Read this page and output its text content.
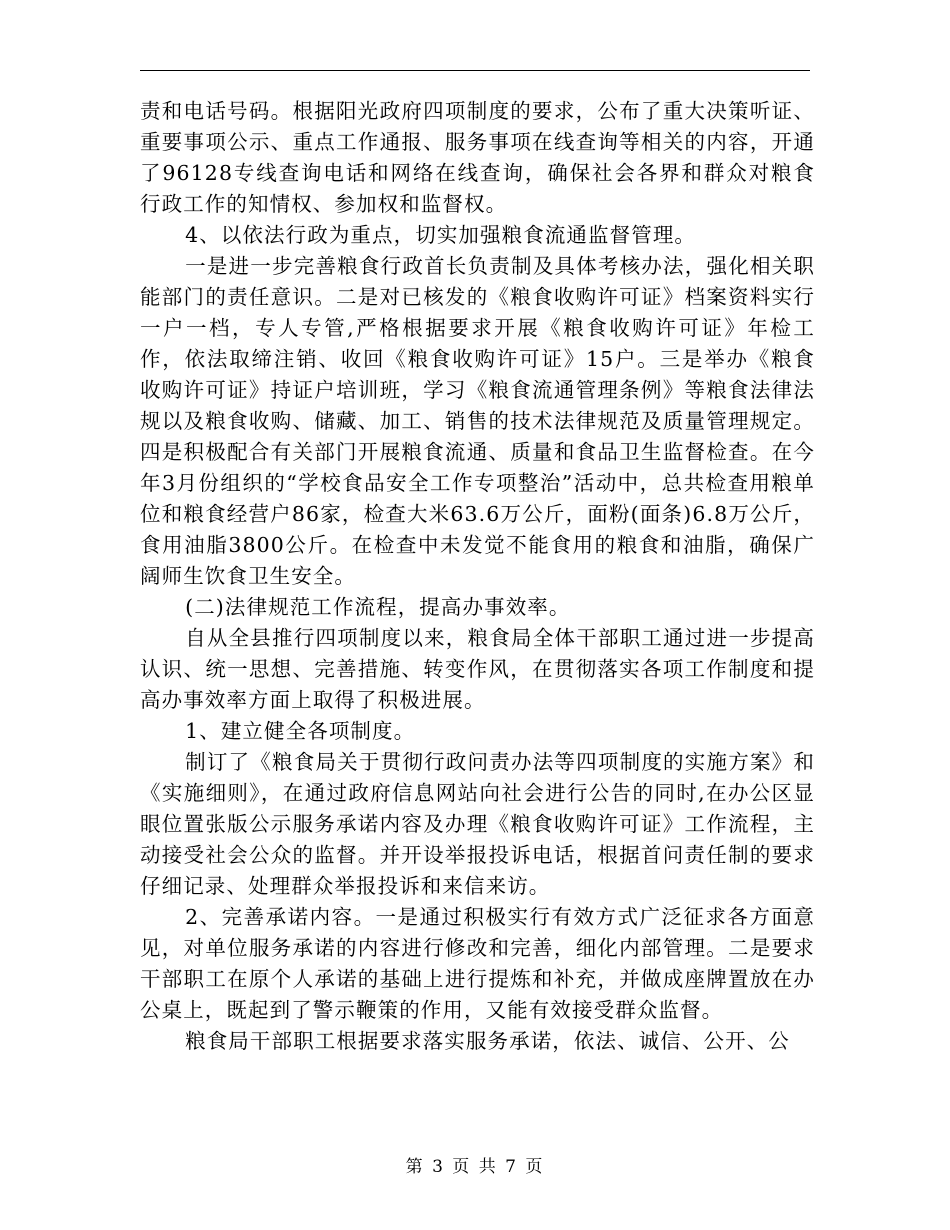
责和电话号码。根据阳光政府四项制度的要求，公布了重大决策听证、重要事项公示、重点工作通报、服务事项在线查询等相关的内容，开通了96128专线查询电话和网络在线查询，确保社会各界和群众对粮食行政工作的知情权、参加权和监督权。

4、以依法行政为重点，切实加强粮食流通监督管理。

一是进一步完善粮食行政首长负责制及具体考核办法，强化相关职能部门的责任意识。二是对已核发的《粮食收购许可证》档案资料实行一户一档，专人专管,严格根据要求开展《粮食收购许可证》年检工作，依法取缔注销、收回《粮食收购许可证》15户。三是举办《粮食收购许可证》持证户培训班，学习《粮食流通管理条例》等粮食法律法规以及粮食收购、储藏、加工、销售的技术法律规范及质量管理规定。四是积极配合有关部门开展粮食流通、质量和食品卫生监督检查。在今年3月份组织的“学校食品安全工作专项整治”活动中，总共检查用粮单位和粮食经营户86家，检查大米63.6万公斤，面粉(面条)6.8万公斤，食用油脂3800公斤。在检查中未发觉不能食用的粮食和油脂，确保广阔师生饮食卫生安全。

(二)法律规范工作流程，提高办事效率。

自从全县推行四项制度以来，粮食局全体干部职工通过进一步提高认识、统一思想、完善措施、转变作风，在贯彻落实各项工作制度和提高办事效率方面上取得了积极进展。

1、建立健全各项制度。

制订了《粮食局关于贯彻行政问责办法等四项制度的实施方案》和《实施细则》，在通过政府信息网站向社会进行公告的同时,在办公区显眼位置张版公示服务承诺内容及办理《粮食收购许可证》工作流程，主动接受社会公众的监督。并开设举报投诉电话，根据首问责任制的要求仔细记录、处理群众举报投诉和来信来访。

2、完善承诺内容。一是通过积极实行有效方式广泛征求各方面意见，对单位服务承诺的内容进行修改和完善，细化内部管理。二是要求干部职工在原个人承诺的基础上进行提炼和补充，并做成座牌置放在办公桌上，既起到了警示鞭策的作用，又能有效接受群众监督。

粮食局干部职工根据要求落实服务承诺，依法、诚信、公开、公

第 3 页 共 7 页
